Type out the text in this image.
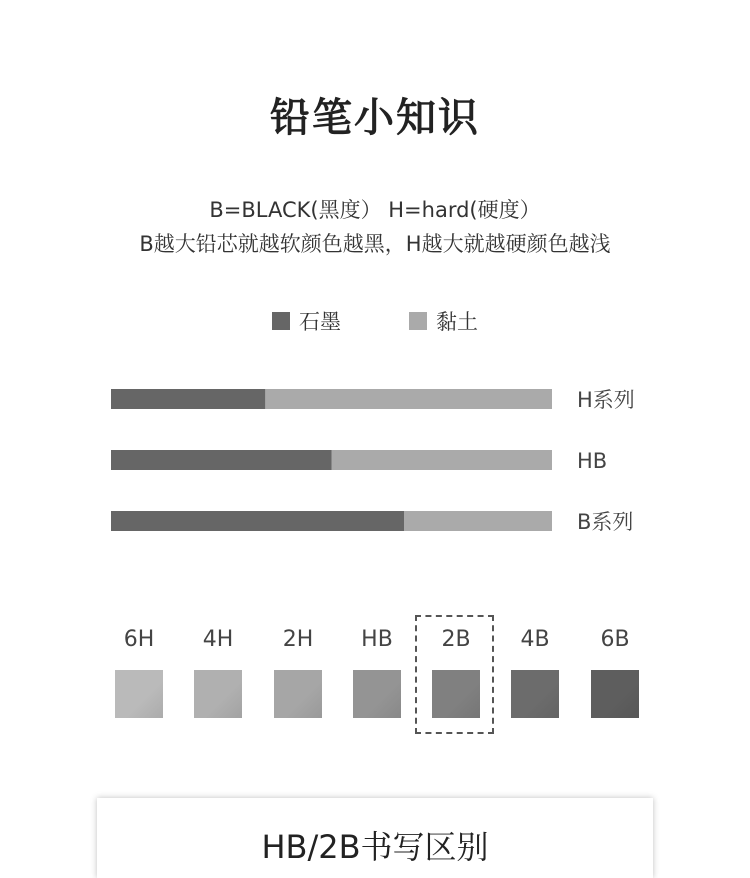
铅笔小知识
B=BLACK(黑度） H=hard(硬度）
B越大铅芯就越软颜色越黑，H越大就越硬颜色越浅
石墨	黏土
H系列
HB
B系列
6H	4H	2H	HB	2B	4B	6B
HB/2B书写区别
